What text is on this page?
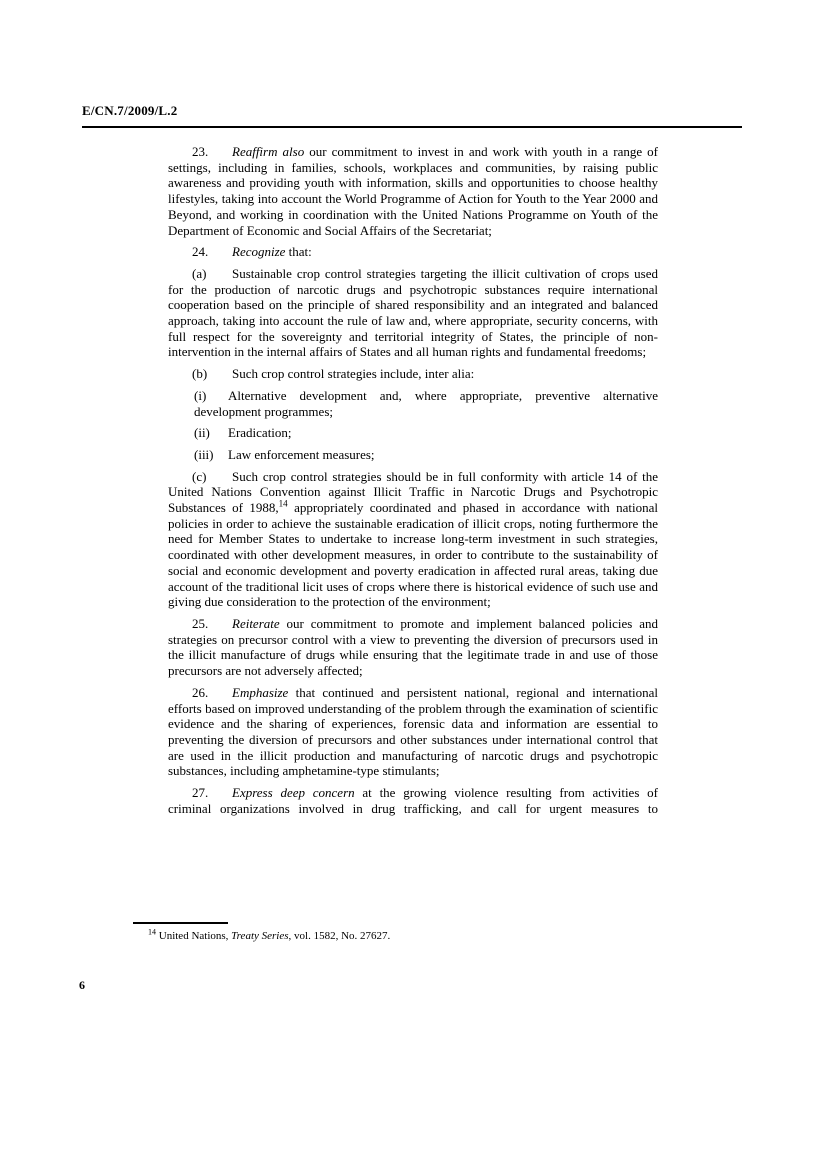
E/CN.7/2009/L.2

23. Reaffirm also our commitment to invest in and work with youth in a range of settings, including in families, schools, workplaces and communities, by raising public awareness and providing youth with information, skills and opportunities to choose healthy lifestyles, taking into account the World Programme of Action for Youth to the Year 2000 and Beyond, and working in coordination with the United Nations Programme on Youth of the Department of Economic and Social Affairs of the Secretariat;

24. Recognize that:

(a) Sustainable crop control strategies targeting the illicit cultivation of crops used for the production of narcotic drugs and psychotropic substances require international cooperation based on the principle of shared responsibility and an integrated and balanced approach, taking into account the rule of law and, where appropriate, security concerns, with full respect for the sovereignty and territorial integrity of States, the principle of non-intervention in the internal affairs of States and all human rights and fundamental freedoms;

(b) Such crop control strategies include, inter alia:

(i) Alternative development and, where appropriate, preventive alternative development programmes;

(ii) Eradication;

(iii) Law enforcement measures;

(c) Such crop control strategies should be in full conformity with article 14 of the United Nations Convention against Illicit Traffic in Narcotic Drugs and Psychotropic Substances of 1988,14 appropriately coordinated and phased in accordance with national policies in order to achieve the sustainable eradication of illicit crops, noting furthermore the need for Member States to undertake to increase long-term investment in such strategies, coordinated with other development measures, in order to contribute to the sustainability of social and economic development and poverty eradication in affected rural areas, taking due account of the traditional licit uses of crops where there is historical evidence of such use and giving due consideration to the protection of the environment;

25. Reiterate our commitment to promote and implement balanced policies and strategies on precursor control with a view to preventing the diversion of precursors used in the illicit manufacture of drugs while ensuring that the legitimate trade in and use of those precursors are not adversely affected;

26. Emphasize that continued and persistent national, regional and international efforts based on improved understanding of the problem through the examination of scientific evidence and the sharing of experiences, forensic data and information are essential to preventing the diversion of precursors and other substances under international control that are used in the illicit production and manufacturing of narcotic drugs and psychotropic substances, including amphetamine-type stimulants;

27. Express deep concern at the growing violence resulting from activities of criminal organizations involved in drug trafficking, and call for urgent measures to

$^{14}$ United Nations, Treaty Series, vol. 1582, No. 27627.
6
